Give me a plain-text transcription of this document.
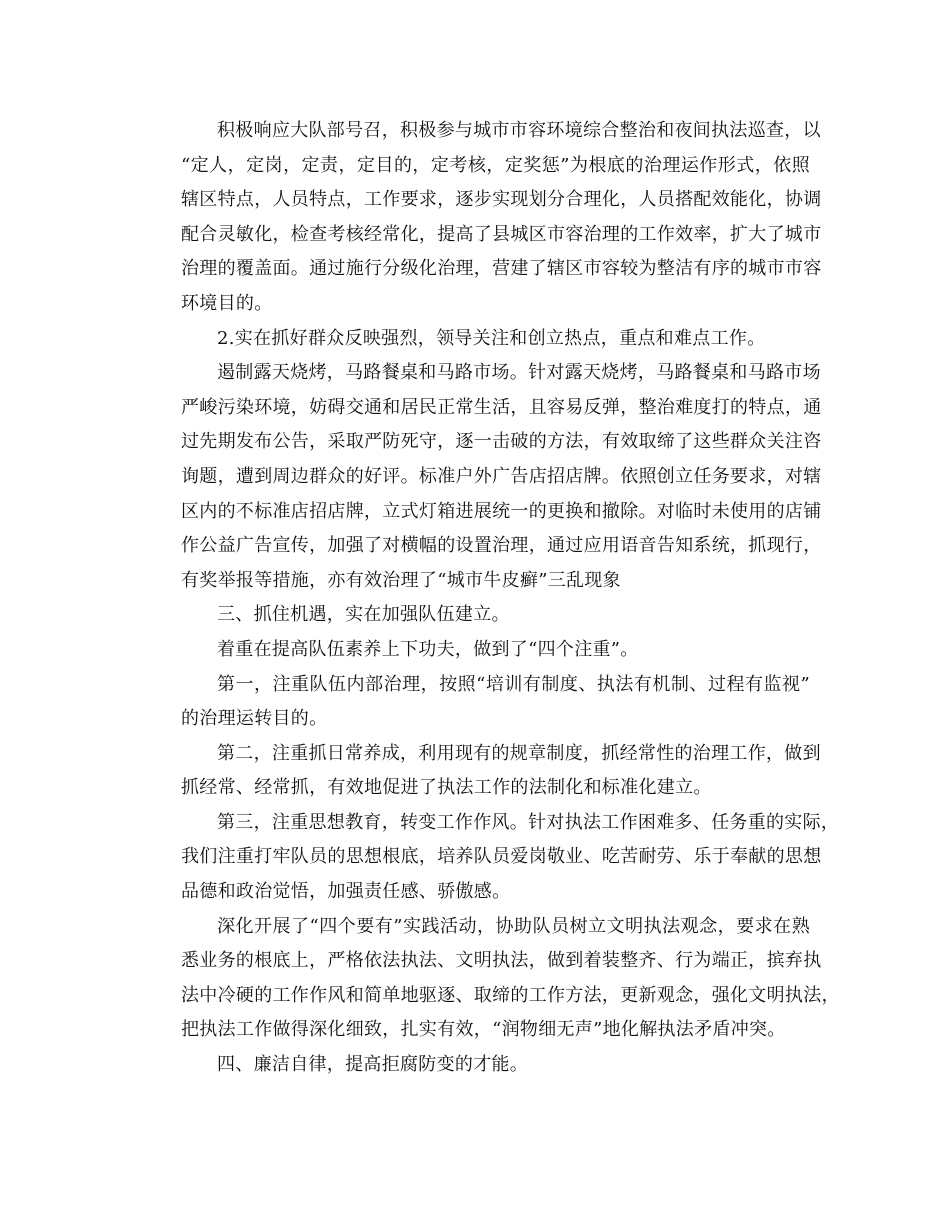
积极响应大队部号召，积极参与城市市容环境综合整治和夜间执法巡查，以
“定人，定岗，定责，定目的，定考核，定奖惩”为根底的治理运作形式，依照
辖区特点，人员特点，工作要求，逐步实现划分合理化，人员搭配效能化，协调
配合灵敏化，检查考核经常化，提高了县城区市容治理的工作效率，扩大了城市
治理的覆盖面。通过施行分级化治理，营建了辖区市容较为整洁有序的城市市容
环境目的。
2.实在抓好群众反映强烈，领导关注和创立热点，重点和难点工作。
遏制露天烧烤，马路餐桌和马路市场。针对露天烧烤，马路餐桌和马路市场
严峻污染环境，妨碍交通和居民正常生活，且容易反弹，整治难度打的特点，通
过先期发布公告，采取严防死守，逐一击破的方法，有效取缔了这些群众关注咨
询题，遭到周边群众的好评。标准户外广告店招店牌。依照创立任务要求，对辖
区内的不标准店招店牌，立式灯箱进展统一的更换和撤除。对临时未使用的店铺
作公益广告宣传，加强了对横幅的设置治理，通过应用语音告知系统，抓现行，
有奖举报等措施，亦有效治理了“城市牛皮癣”三乱现象
三、抓住机遇，实在加强队伍建立。
着重在提高队伍素养上下功夫，做到了“四个注重”。
第一，注重队伍内部治理，按照“培训有制度、执法有机制、过程有监视”
的治理运转目的。
第二，注重抓日常养成，利用现有的规章制度，抓经常性的治理工作，做到
抓经常、经常抓，有效地促进了执法工作的法制化和标准化建立。
第三，注重思想教育，转变工作作风。针对执法工作困难多、任务重的实际，
我们注重打牢队员的思想根底，培养队员爱岗敬业、吃苦耐劳、乐于奉献的思想
品德和政治觉悟，加强责任感、骄傲感。
深化开展了“四个要有”实践活动，协助队员树立文明执法观念，要求在熟
悉业务的根底上，严格依法执法、文明执法，做到着装整齐、行为端正，摈弃执
法中冷硬的工作作风和简单地驱逐、取缔的工作方法，更新观念，强化文明执法，
把执法工作做得深化细致，扎实有效，“润物细无声”地化解执法矛盾冲突。
四、廉洁自律，提高拒腐防变的才能。
